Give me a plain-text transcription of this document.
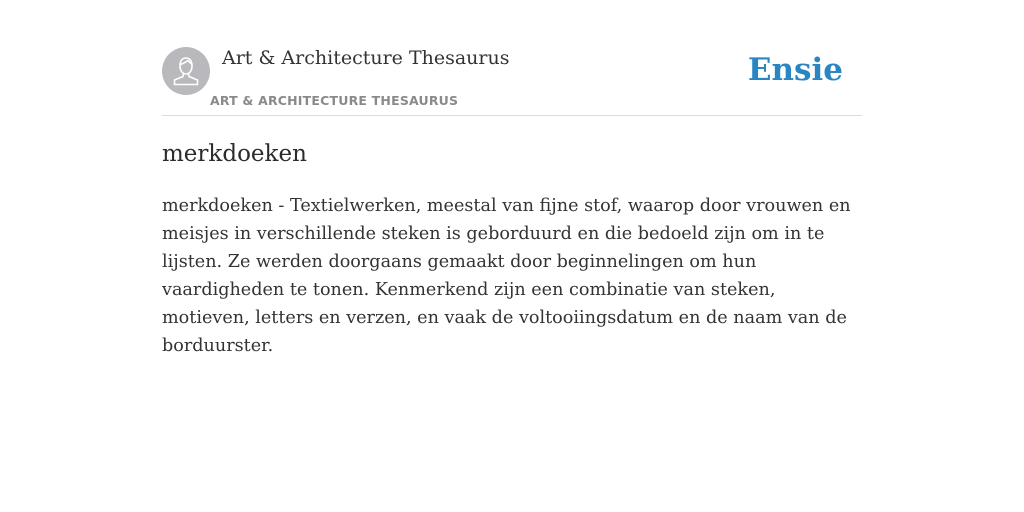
Art & Architecture Thesaurus
ART & ARCHITECTURE THESAURUS
Ensie
merkdoeken

merkdoeken - Textielwerken, meestal van fijne stof, waarop door vrouwen en meisjes in verschillende steken is geborduurd en die bedoeld zijn om in te lijsten. Ze werden doorgaans gemaakt door beginnelingen om hun vaardigheden te tonen. Kenmerkend zijn een combinatie van steken, motieven, letters en verzen, en vaak de voltooiingsdatum en de naam van de borduurster.
